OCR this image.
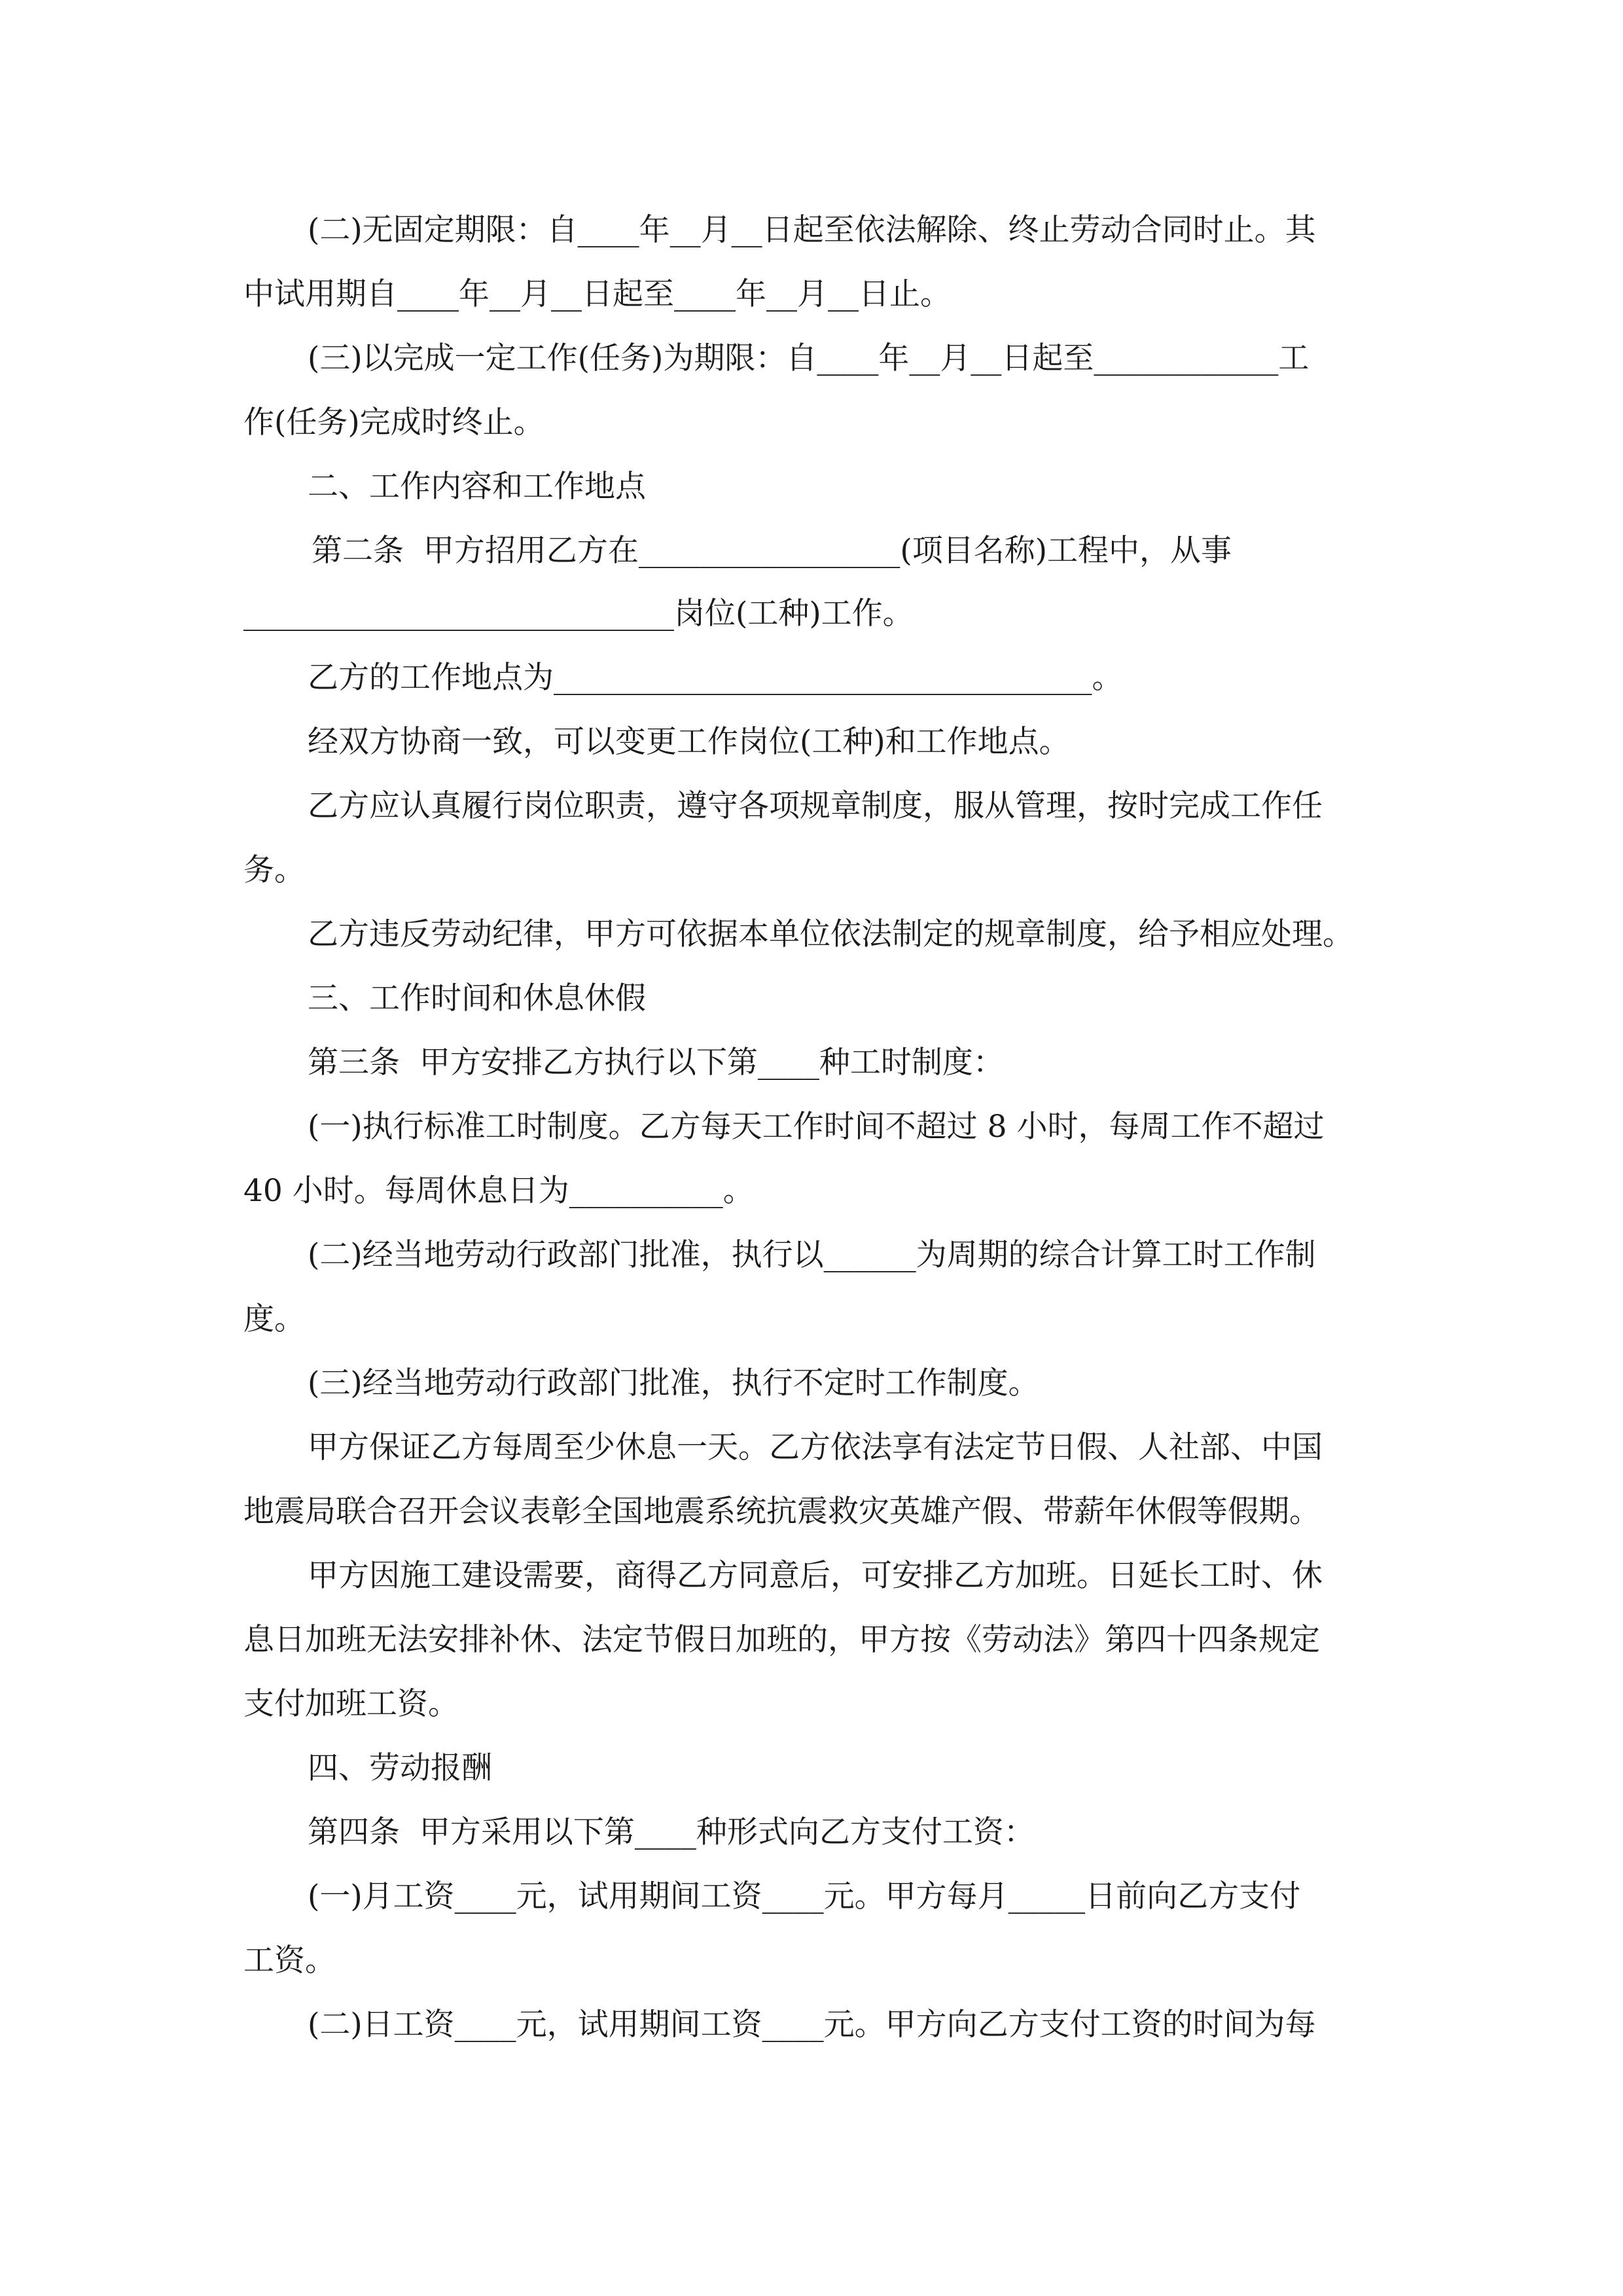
(二)无固定期限：自____年__月__日起至依法解除、终止劳动合同时止。其
中试用期自____年__月__日起至____年__月__日止。
(三)以完成一定工作(任务)为期限：自____年__月__日起至____________工
作(任务)完成时终止。
二、工作内容和工作地点
第二条  甲方招用乙方在_________________(项目名称)工程中，从事
____________________________岗位(工种)工作。
乙方的工作地点为___________________________________。
经双方协商一致，可以变更工作岗位(工种)和工作地点。
乙方应认真履行岗位职责，遵守各项规章制度，服从管理，按时完成工作任
务。
乙方违反劳动纪律，甲方可依据本单位依法制定的规章制度，给予相应处理。
三、工作时间和休息休假
第三条  甲方安排乙方执行以下第____种工时制度：
(一)执行标准工时制度。乙方每天工作时间不超过 8 小时，每周工作不超过
40 小时。每周休息日为__________。
(二)经当地劳动行政部门批准，执行以______为周期的综合计算工时工作制
度。
(三)经当地劳动行政部门批准，执行不定时工作制度。
甲方保证乙方每周至少休息一天。乙方依法享有法定节日假、人社部、中国
地震局联合召开会议表彰全国地震系统抗震救灾英雄产假、带薪年休假等假期。
甲方因施工建设需要，商得乙方同意后，可安排乙方加班。日延长工时、休
息日加班无法安排补休、法定节假日加班的，甲方按《劳动法》第四十四条规定
支付加班工资。
四、劳动报酬
第四条  甲方采用以下第____种形式向乙方支付工资：
(一)月工资____元，试用期间工资____元。甲方每月_____日前向乙方支付
工资。
(二)日工资____元，试用期间工资____元。甲方向乙方支付工资的时间为每
